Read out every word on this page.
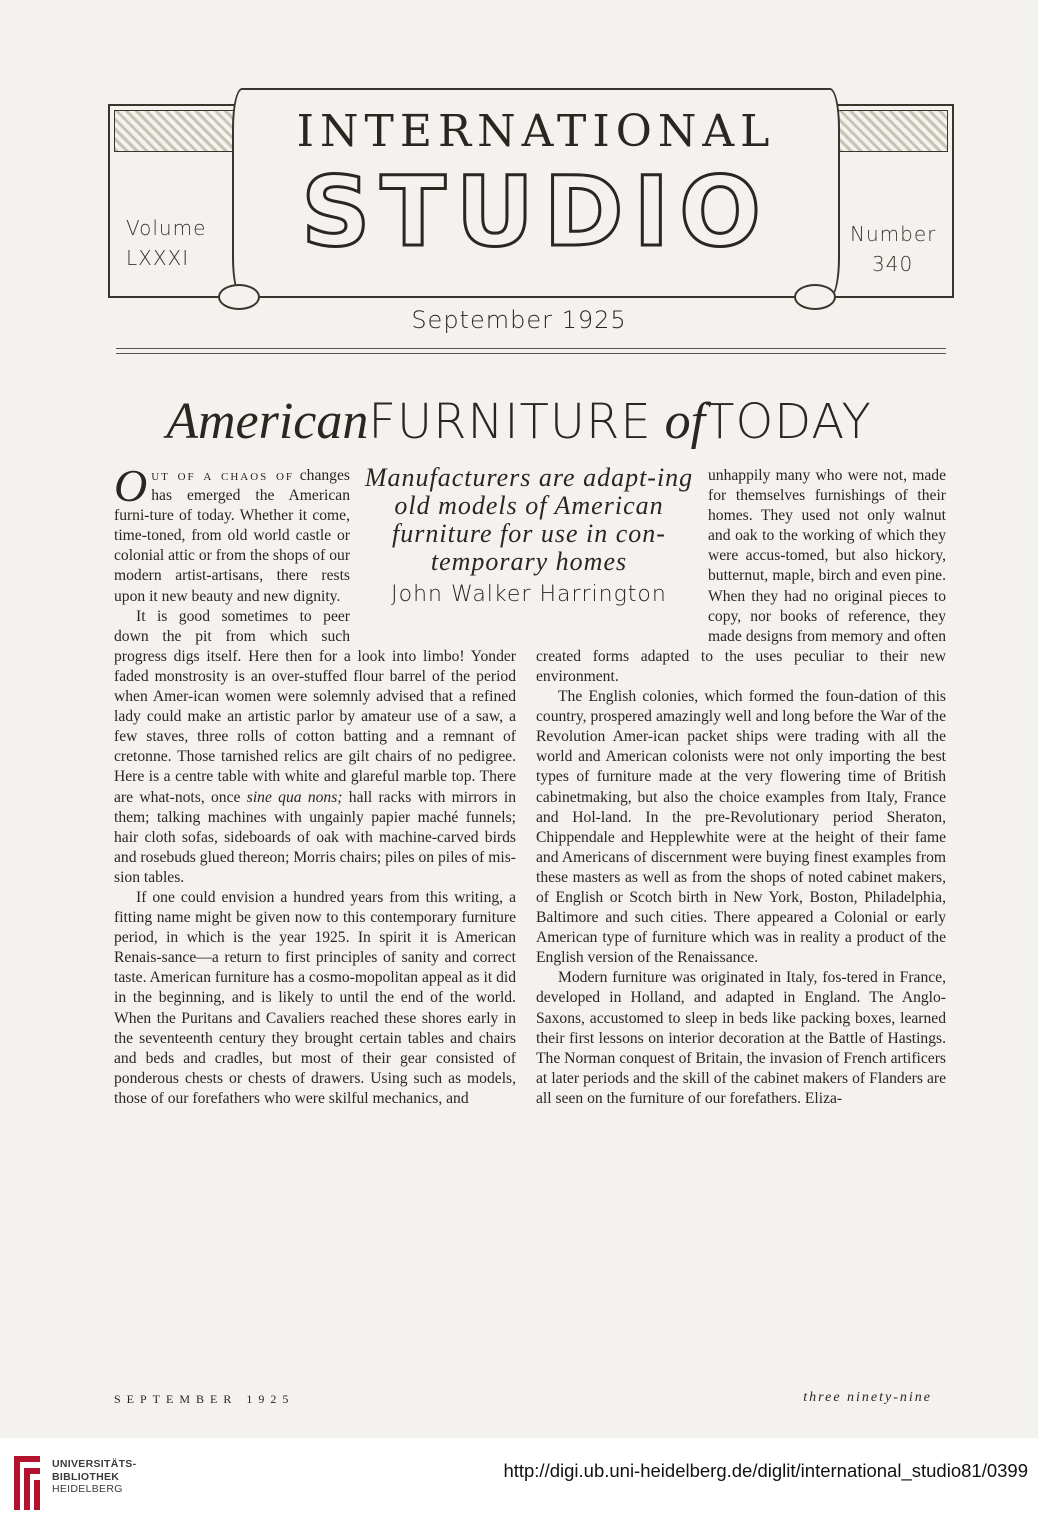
Volume
LXXXI
Number
340
INTERNATIONAL
STUDIO
September 1925
AmericanFURNITURE ofTODAY
Manufacturers are adapt-ing old models of American furniture for use in con-temporary homes
John Walker Harrington

Out of a chaos of changes has emerged the American furni-ture of today. Whether it come, time-toned, from old world castle or colonial attic or from the shops of our modern artist-artisans, there rests upon it new beauty and new dignity.

It is good sometimes to peer down the pit from which such progress digs itself. Here then for a look into limbo! Yonder faded monstrosity is an over-stuffed flour barrel of the period when Amer-ican women were solemnly advised that a refined lady could make an artistic parlor by amateur use of a saw, a few staves, three rolls of cotton batting and a remnant of cretonne. Those tarnished relics are gilt chairs of no pedigree. Here is a centre table with white and glareful marble top. There are what-nots, once sine qua nons; hall racks with mirrors in them; talking machines with ungainly papier maché funnels; hair cloth sofas, sideboards of oak with machine-carved birds and rosebuds glued thereon; Morris chairs; piles on piles of mis-sion tables.

If one could envision a hundred years from this writing, a fitting name might be given now to this contemporary furniture period, in which is the year 1925. In spirit it is American Renais-sance—a return to first principles of sanity and correct taste. American furniture has a cosmo-mopolitan appeal as it did in the beginning, and is likely to until the end of the world. When the Puritans and Cavaliers reached these shores early in the seventeenth century they brought certain tables and chairs and beds and cradles, but most of their gear consisted of ponderous chests or chests of drawers. Using such as models, those of our forefathers who were skilful mechanics, and

unhappily many who were not, made for themselves furnishings of their homes. They used not only walnut and oak to the working of which they were accus-tomed, but also hickory, butternut, maple, birch and even pine. When they had no original pieces to copy, nor books of reference, they made designs from memory and often created forms adapted to the uses peculiar to their new environment.

The English colonies, which formed the foun-dation of this country, prospered amazingly well and long before the War of the Revolution Amer-ican packet ships were trading with all the world and American colonists were not only importing the best types of furniture made at the very flowering time of British cabinetmaking, but also the choice examples from Italy, France and Hol-land. In the pre-Revolutionary period Sheraton, Chippendale and Hepplewhite were at the height of their fame and Americans of discernment were buying finest examples from these masters as well as from the shops of noted cabinet makers, of English or Scotch birth in New York, Boston, Philadelphia, Baltimore and such cities. There appeared a Colonial or early American type of furniture which was in reality a product of the English version of the Renaissance.

Modern furniture was originated in Italy, fos-tered in France, developed in Holland, and adapted in England. The Anglo-Saxons, accustomed to sleep in beds like packing boxes, learned their first lessons on interior decoration at the Battle of Hastings. The Norman conquest of Britain, the invasion of French artificers at later periods and the skill of the cabinet makers of Flanders are all seen on the furniture of our forefathers. Eliza-

SEPTEMBER 1925	three ninety-nine
UNIVERSITÄTS-
BIBLIOTHEK
HEIDELBERG
http://digi.ub.uni-heidelberg.de/diglit/international_studio81/0399
